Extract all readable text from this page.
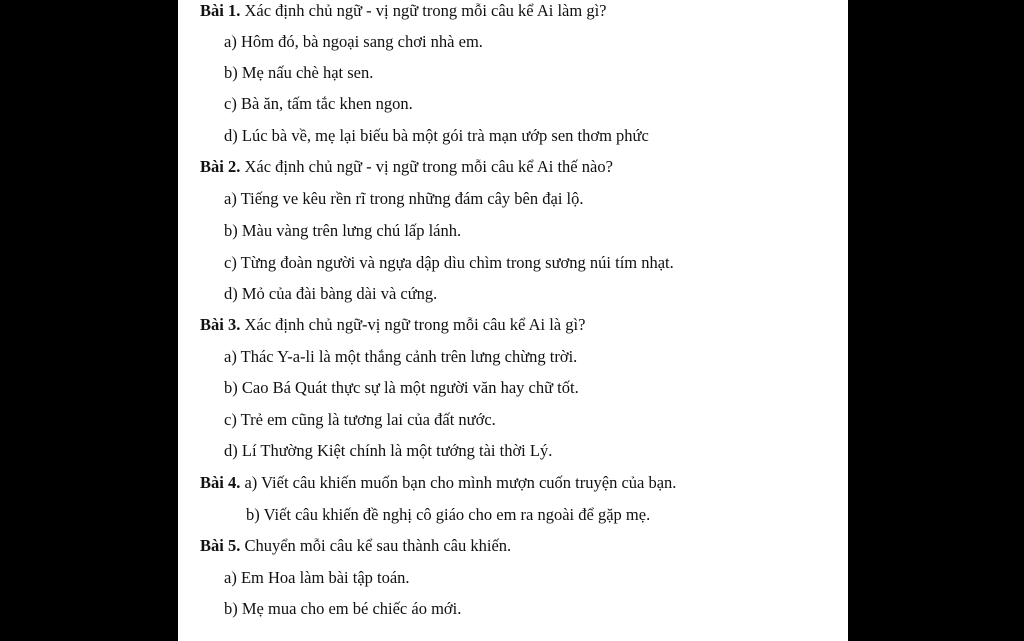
Bài 1. Xác định chủ ngữ - vị ngữ trong mỗi câu kể Ai làm gì?
a) Hôm đó, bà ngoại sang chơi nhà em.
b) Mẹ nấu chè hạt sen.
c) Bà ăn, tấm tắc khen ngon.
d) Lúc bà về, mẹ lại biếu bà một gói trà mạn ướp sen thơm phức
Bài 2. Xác định chủ ngữ - vị ngữ trong mỗi câu kể Ai thế nào?
a) Tiếng ve kêu rền rĩ trong những đám cây bên đại lộ.
b) Màu vàng trên lưng chú lấp lánh.
c) Từng đoàn người và ngựa dập dìu chìm trong sương núi tím nhạt.
d) Mỏ của đài bàng dài và cứng.
Bài 3. Xác định chủ ngữ-vị ngữ trong mỗi câu kể Ai là gì?
a) Thác Y-a-li là một thắng cảnh trên lưng chừng trời.
b) Cao Bá Quát thực sự là một người văn hay chữ tốt.
c) Trẻ em cũng là tương lai của đất nước.
d) Lí Thường Kiệt chính là một tướng tài thời Lý.
Bài 4. a) Viết câu khiến muốn bạn cho mình mượn cuốn truyện của bạn.
b) Viết câu khiến đề nghị cô giáo cho em ra ngoài để gặp mẹ.
Bài 5. Chuyển mỗi câu kể sau thành câu khiến.
a) Em Hoa làm bài tập toán.
b) Mẹ mua cho em bé chiếc áo mới.
